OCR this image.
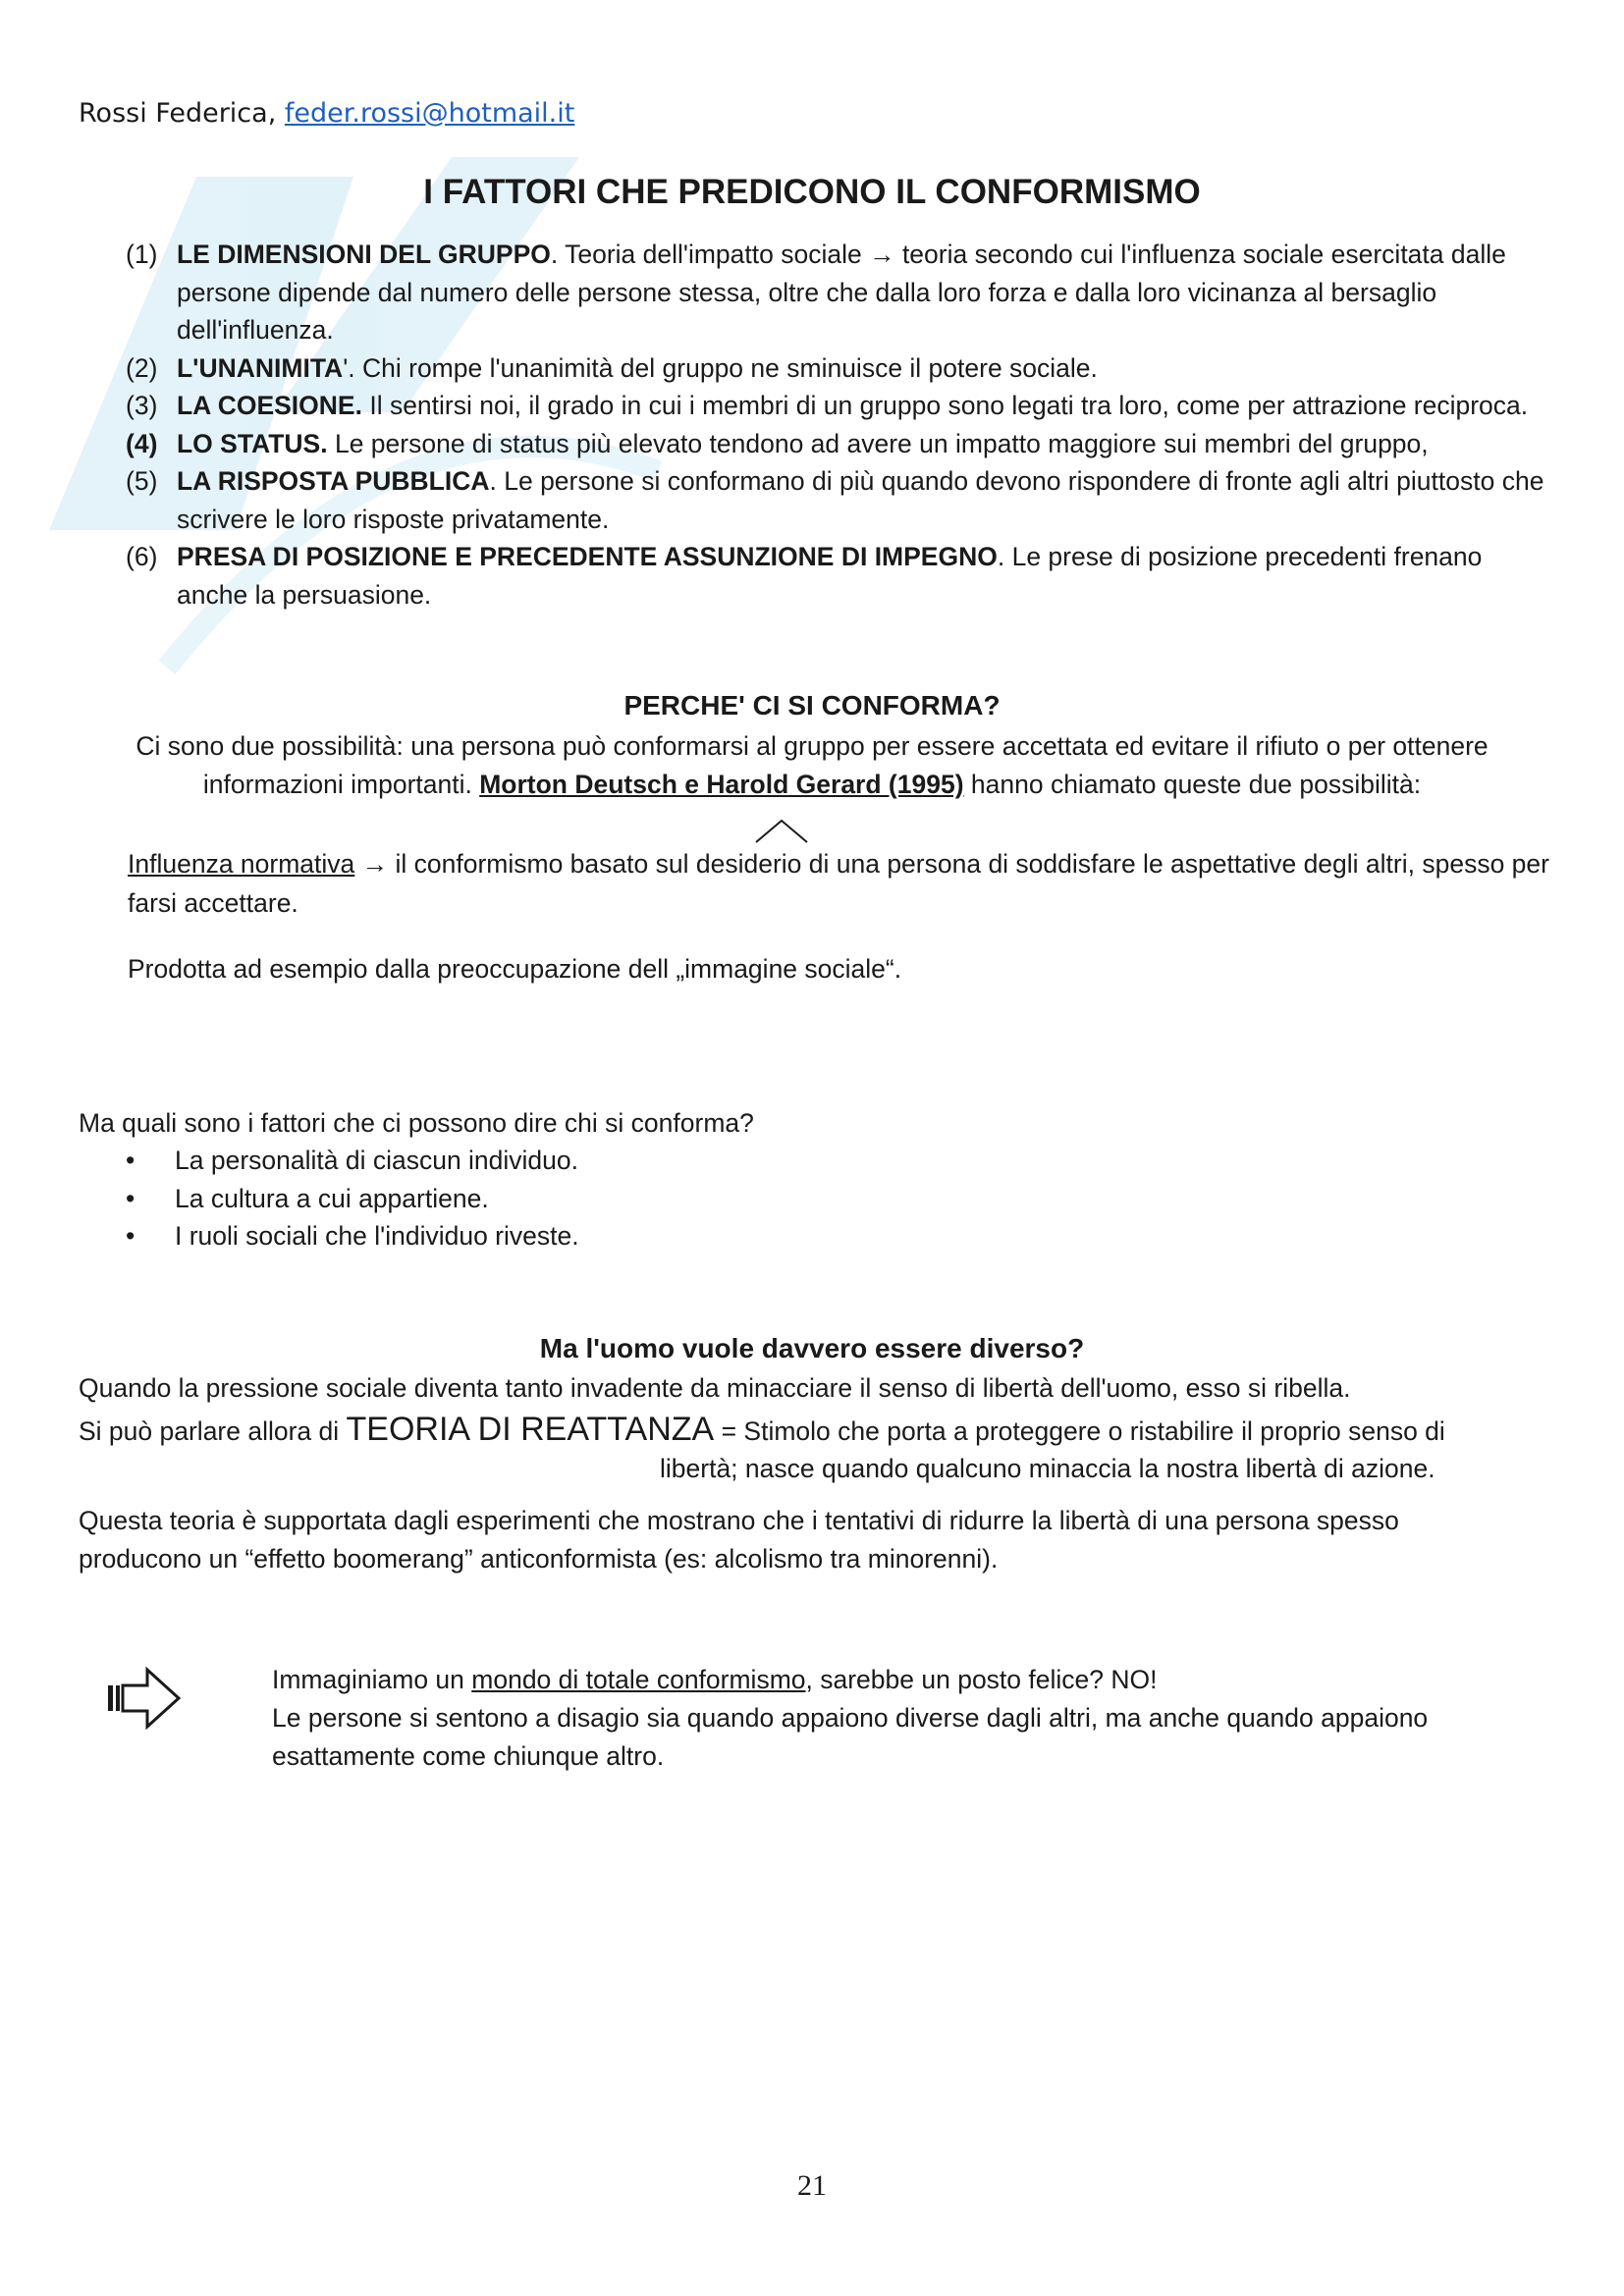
Rossi Federica, feder.rossi@hotmail.it
I FATTORI CHE PREDICONO IL CONFORMISMO
(1) LE DIMENSIONI DEL GRUPPO. Teoria dell'impatto sociale → teoria secondo cui l'influenza sociale esercitata dalle persone dipende dal numero delle persone stessa, oltre che dalla loro forza e dalla loro vicinanza al bersaglio dell'influenza.
(2) L'UNANIMITA'. Chi rompe l'unanimità del gruppo ne sminuisce il potere sociale.
(3) LA COESIONE. Il sentirsi noi, il grado in cui i membri di un gruppo sono legati tra loro, come per attrazione reciproca.
(4) LO STATUS. Le persone di status più elevato tendono ad avere un impatto maggiore sui membri del gruppo,
(5) LA RISPOSTA PUBBLICA. Le persone si conformano di più quando devono rispondere di fronte agli altri piuttosto che scrivere le loro risposte privatamente.
(6) PRESA DI POSIZIONE E PRECEDENTE ASSUNZIONE DI IMPEGNO. Le prese di posizione precedenti frenano anche la persuasione.
PERCHE' CI SI CONFORMA?
Ci sono due possibilità: una persona può conformarsi al gruppo per essere accettata ed evitare il rifiuto o per ottenere informazioni importanti. Morton Deutsch e Harold Gerard (1995) hanno chiamato queste due possibilità:
Influenza normativa → il conformismo basato sul desiderio di una persona di soddisfare le aspettative degli altri, spesso per farsi accettare.
Prodotta ad esempio dalla preoccupazione dell „immagine sociale“.
Ma quali sono i fattori che ci possono dire chi si conforma?
•	La personalità di ciascun individuo.
•	La cultura a cui appartiene.
•	I ruoli sociali che l'individuo riveste.
Ma l'uomo vuole davvero essere diverso?
Quando la pressione sociale diventa tanto invadente da minacciare il senso di libertà dell'uomo, esso si ribella.
Si può parlare allora di TEORIA DI REATTANZA = Stimolo che porta a proteggere o ristabilire il proprio senso di
libertà; nasce quando qualcuno minaccia la nostra libertà di azione.
Questa teoria è supportata dagli esperimenti che mostrano che i tentativi di ridurre la libertà di una persona spesso producono un “effetto boomerang” anticonformista (es: alcolismo tra minorenni).
Immaginiamo un mondo di totale conformismo, sarebbe un posto felice? NO!
Le persone si sentono a disagio sia quando appaiono diverse dagli altri, ma anche quando appaiono esattamente come chiunque altro.
21
